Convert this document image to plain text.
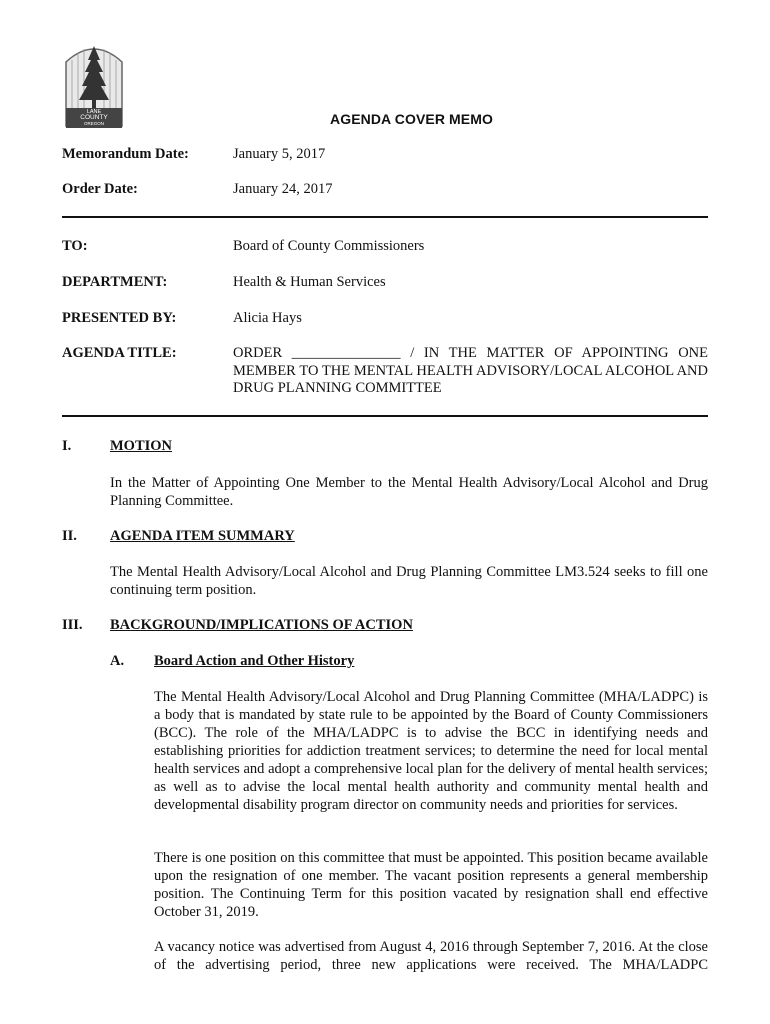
LANE
COUNTY
OREGON	AGENDA COVER MEMO
Memorandum Date:	January 5, 2017
Order Date:	January 24, 2017
TO:	Board of County Commissioners
DEPARTMENT:	Health & Human Services
PRESENTED BY:	Alicia Hays
AGENDA TITLE:	ORDER _______________ / IN THE MATTER OF APPOINTING ONE
MEMBER TO THE MENTAL HEALTH ADVISORY/LOCAL ALCOHOL AND DRUG PLANNING COMMITTEE
I.	MOTION
In the Matter of Appointing One Member to the Mental Health Advisory/Local Alcohol and Drug Planning Committee.
II. AGENDA ITEM SUMMARY
The Mental Health Advisory/Local Alcohol and Drug Planning Committee LM3.524 seeks to fill one continuing term position.
III. BACKGROUND/IMPLICATIONS OF ACTION
A. Board Action and Other History
The Mental Health Advisory/Local Alcohol and Drug Planning Committee (MHA/LADPC) is a body that is mandated by state rule to be appointed by the Board of County Commissioners (BCC). The role of the MHA/LADPC is to advise the BCC in identifying needs and establishing priorities for addiction treatment services; to determine the need for local mental health services and adopt a comprehensive local plan for the delivery of mental health services; as well as to advise the local mental health authority and community mental health and developmental disability program director on community needs and priorities for services.
There is one position on this committee that must be appointed. This position became available upon the resignation of one member. The vacant position represents a general membership position. The Continuing Term for this position vacated by resignation shall end effective October 31, 2019.
A vacancy notice was advertised from August 4, 2016 through September 7, 2016. At the close of the advertising period, three new applications were received. The MHA/LADPC
